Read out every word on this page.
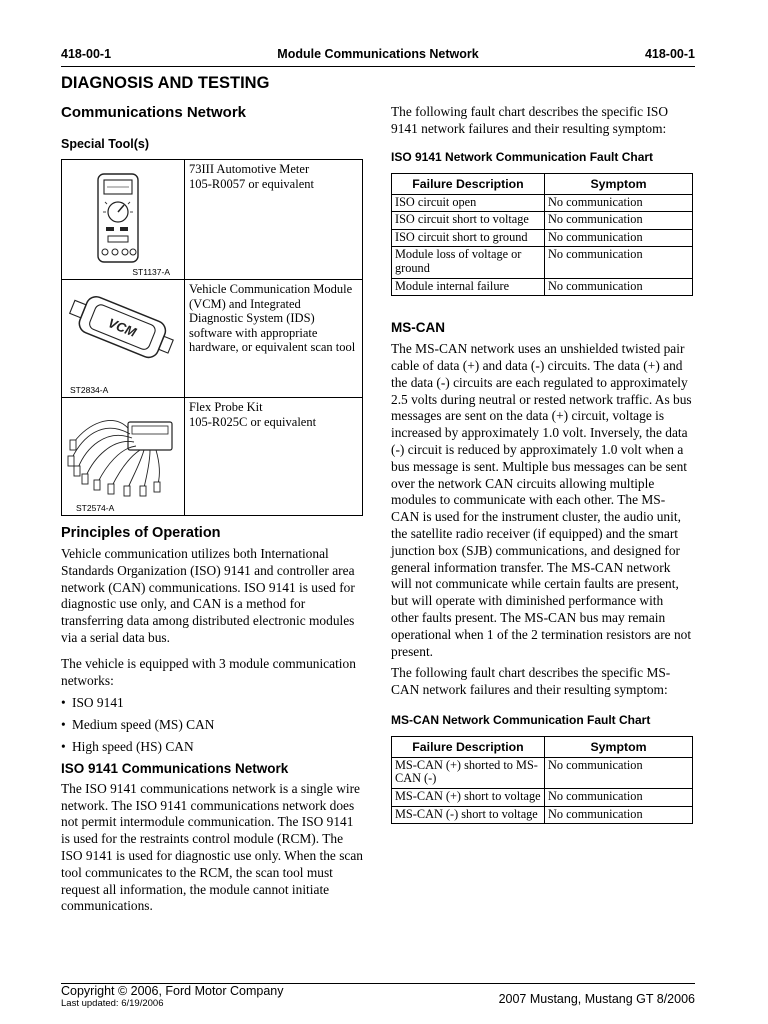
418-00-1	Module Communications Network	418-00-1
DIAGNOSIS AND TESTING
Communications Network
Special Tool(s)
ST1137-A	73III Automotive Meter
105-R0057 or equivalent

VCM
ST2834-A	Vehicle Communication Module (VCM) and Integrated Diagnostic System (IDS) software with appropriate hardware, or equivalent scan tool

ST2574-A	Flex Probe Kit
105-R025C or equivalent
Principles of Operation

Vehicle communication utilizes both International Standards Organization (ISO) 9141 and controller area network (CAN) communications. ISO 9141 is used for diagnostic use only, and CAN is a method for transferring data among distributed electronic modules via a serial data bus.

The vehicle is equipped with 3 module communication networks:

• ISO 9141
• Medium speed (MS) CAN
• High speed (HS) CAN
ISO 9141 Communications Network

The ISO 9141 communications network is a single wire network. The ISO 9141 communications network does not permit intermodule communication. The ISO 9141 is used for the restraints control module (RCM). The ISO 9141 is used for diagnostic use only. When the scan tool communicates to the RCM, the scan tool must request all information, the module cannot initiate communications.

The following fault chart describes the specific ISO 9141 network failures and their resulting symptom:

ISO 9141 Network Communication Fault Chart
Failure Description	Symptom
ISO circuit open	No communication
ISO circuit short to voltage	No communication
ISO circuit short to ground	No communication
Module loss of voltage or ground	No communication
Module internal failure	No communication
MS-CAN

The MS-CAN network uses an unshielded twisted pair cable of data (+) and data (-) circuits. The data (+) and the data (-) circuits are each regulated to approximately 2.5 volts during neutral or rested network traffic. As bus messages are sent on the data (+) circuit, voltage is increased by approximately 1.0 volt. Inversely, the data (-) circuit is reduced by approximately 1.0 volt when a bus message is sent. Multiple bus messages can be sent over the network CAN circuits allowing multiple modules to communicate with each other. The MS-CAN is used for the instrument cluster, the audio unit, the satellite radio receiver (if equipped) and the smart junction box (SJB) communications, and designed for general information transfer. The MS-CAN network will not communicate while certain faults are present, but will operate with diminished performance with other faults present. The MS-CAN bus may remain operational when 1 of the 2 termination resistors are not present.

The following fault chart describes the specific MS-CAN network failures and their resulting symptom:

MS-CAN Network Communication Fault Chart
Failure Description	Symptom
MS-CAN (+) shorted to MS-CAN (-)	No communication
MS-CAN (+) short to voltage	No communication
MS-CAN (-) short to voltage	No communication
Copyright © 2006, Ford Motor Company
Last updated: 6/19/2006	2007 Mustang, Mustang GT 8/2006
